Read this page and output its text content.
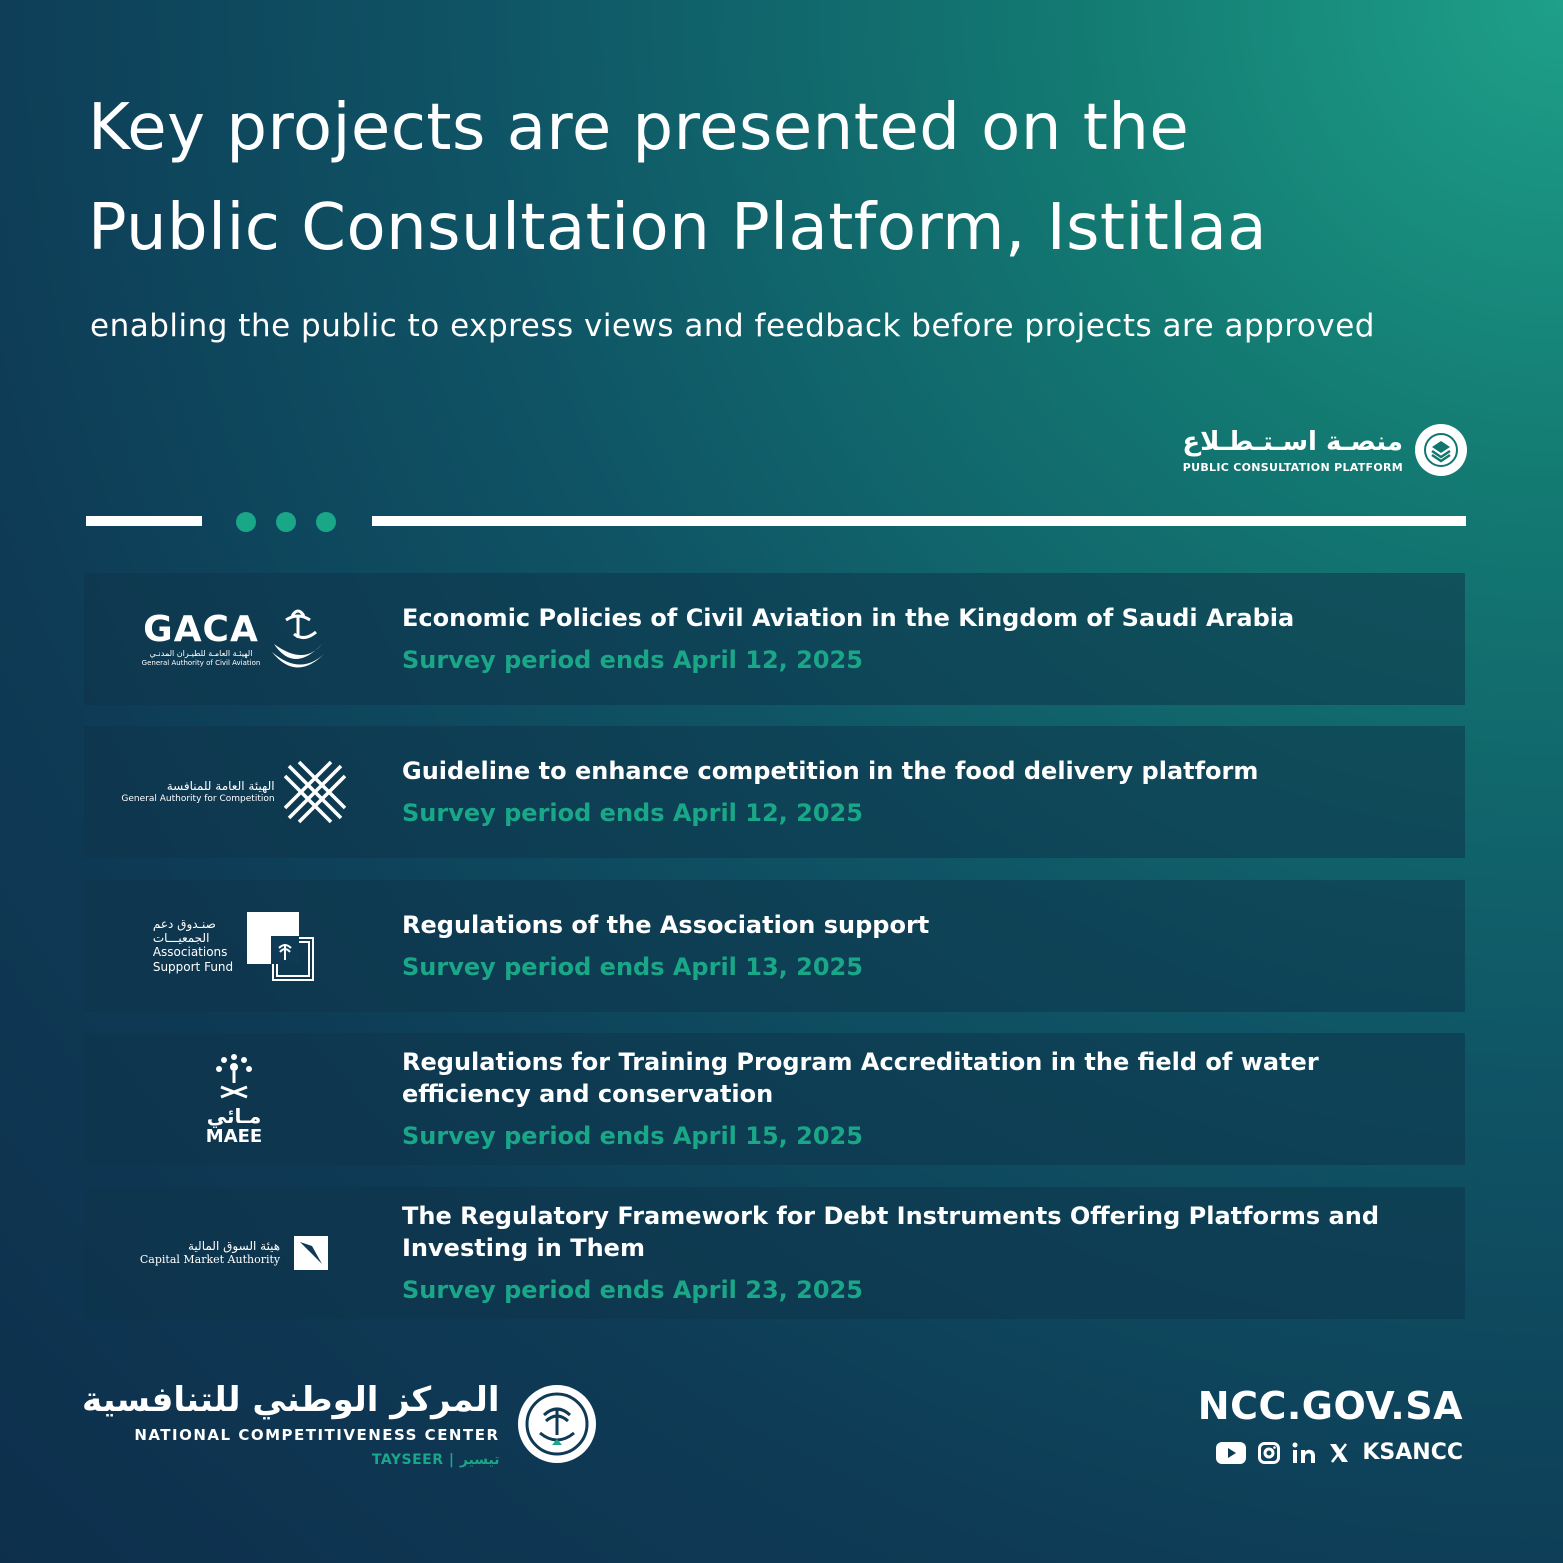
Key projects are presented on the
Public Consultation Platform, Istitlaa

enabling the public to express views and feedback before projects are approved

منصـة اسـتـطـلاع
PUBLIC CONSULTATION PLATFORM
GACA
الهيئـة العامـة للطيـران المدنـي
General Authority of Civil Aviation
Economic Policies of Civil Aviation in the Kingdom of Saudi Arabia
Survey period ends April 12, 2025
الهيئة العامة للمنافسة
General Authority for Competition
Guideline to enhance competition in the food delivery platform
Survey period ends April 12, 2025
صنـدوق دعم
الجمعيـــات
Associations
Support Fund
Regulations of the Association support
Survey period ends April 13, 2025
مـائي
MAEE
Regulations for Training Program Accreditation in the field of water efficiency and conservation
Survey period ends April 15, 2025
هيئة السوق المالية
Capital Market Authority
The Regulatory Framework for Debt Instruments Offering Platforms and Investing in Them
Survey period ends April 23, 2025
المركز الوطني للتنافسية
NATIONAL COMPETITIVENESS CENTER
TAYSEER | تيسير
NCC.GOV.SA
KSANCC
